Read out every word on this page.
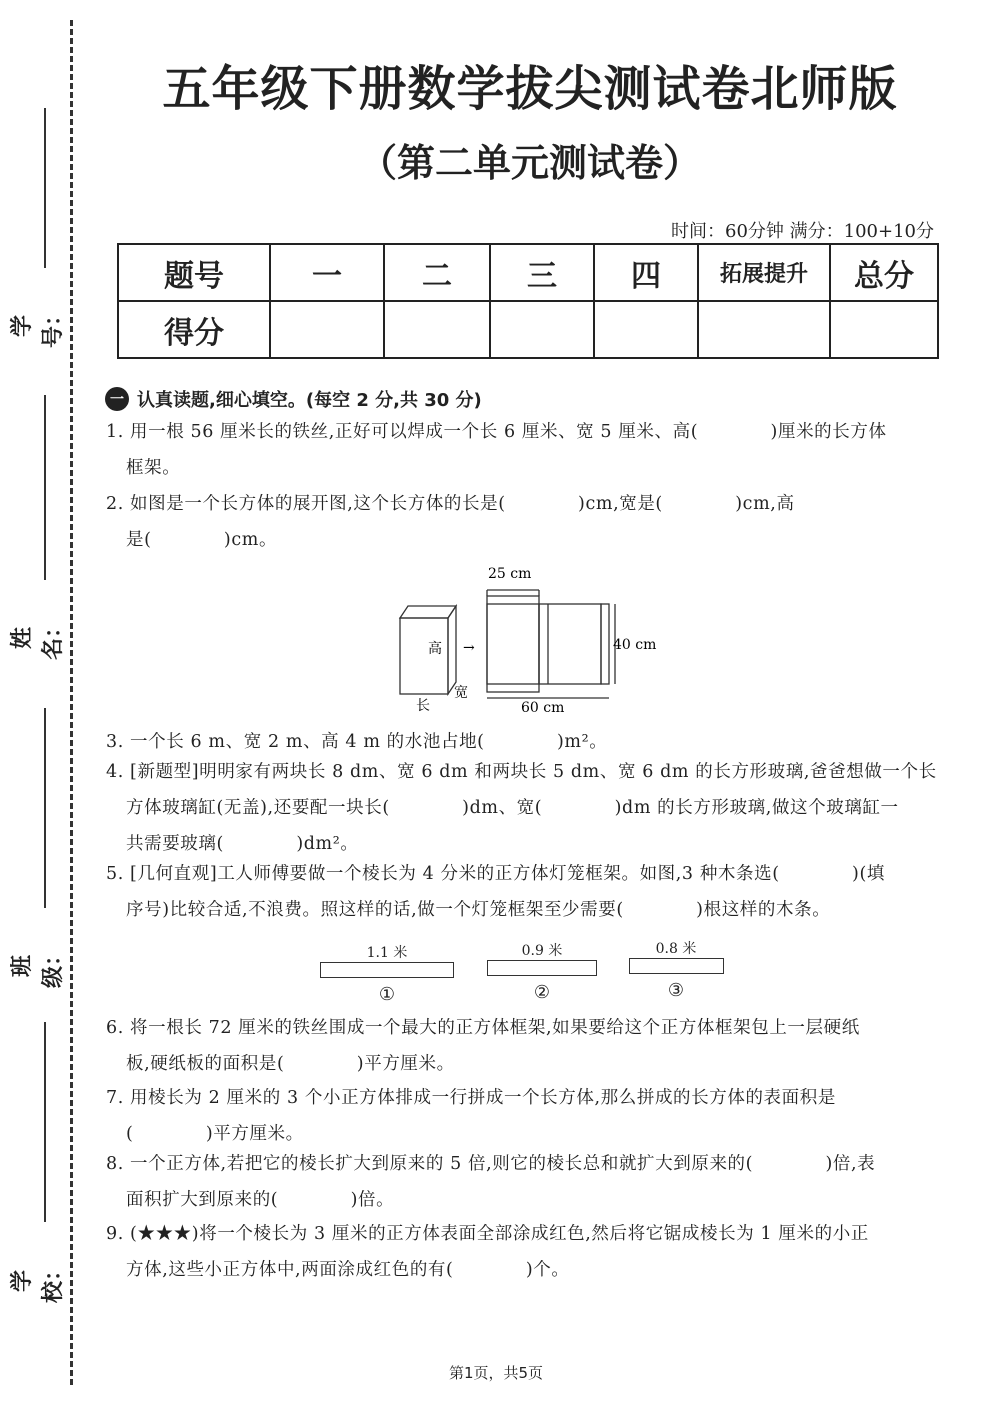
学号：
姓名：
班级：
学校：
五年级下册数学拔尖测试卷北师版
（第二单元测试卷）
时间：60分钟 满分：100+10分
题号	一	二	三	四	拓展提升	总分
得分						
一 认真读题,细心填空。(每空 2 分,共 30 分)
1. 用一根 56 厘米长的铁丝,正好可以焊成一个长 6 厘米、宽 5 厘米、高(　　　　)厘米的长方体
框架。
2. 如图是一个长方体的展开图,这个长方体的长是(　　　　)cm,宽是(　　　　)cm,高
是(　　　　)cm。
高
长
宽
→
25 cm
40 cm
60 cm
3. 一个长 6 m、宽 2 m、高 4 m 的水池占地(　　　　)m²。
4. [新题型]明明家有两块长 8 dm、宽 6 dm 和两块长 5 dm、宽 6 dm 的长方形玻璃,爸爸想做一个长
方体玻璃缸(无盖),还要配一块长(　　　　)dm、宽(　　　　)dm 的长方形玻璃,做这个玻璃缸一
共需要玻璃(　　　　)dm²。
5. [几何直观]工人师傅要做一个棱长为 4 分米的正方体灯笼框架。如图,3 种木条选(　　　　)(填
序号)比较合适,不浪费。照这样的话,做一个灯笼框架至少需要(　　　　)根这样的木条。
1.1 米
①
0.9 米
②
0.8 米
③
6. 将一根长 72 厘米的铁丝围成一个最大的正方体框架,如果要给这个正方体框架包上一层硬纸
板,硬纸板的面积是(　　　　)平方厘米。
7. 用棱长为 2 厘米的 3 个小正方体排成一行拼成一个长方体,那么拼成的长方体的表面积是
(　　　　)平方厘米。
8. 一个正方体,若把它的棱长扩大到原来的 5 倍,则它的棱长总和就扩大到原来的(　　　　)倍,表
面积扩大到原来的(　　　　)倍。
9. (★★★)将一个棱长为 3 厘米的正方体表面全部涂成红色,然后将它锯成棱长为 1 厘米的小正
方体,这些小正方体中,两面涂成红色的有(　　　　)个。
第1页，共5页
